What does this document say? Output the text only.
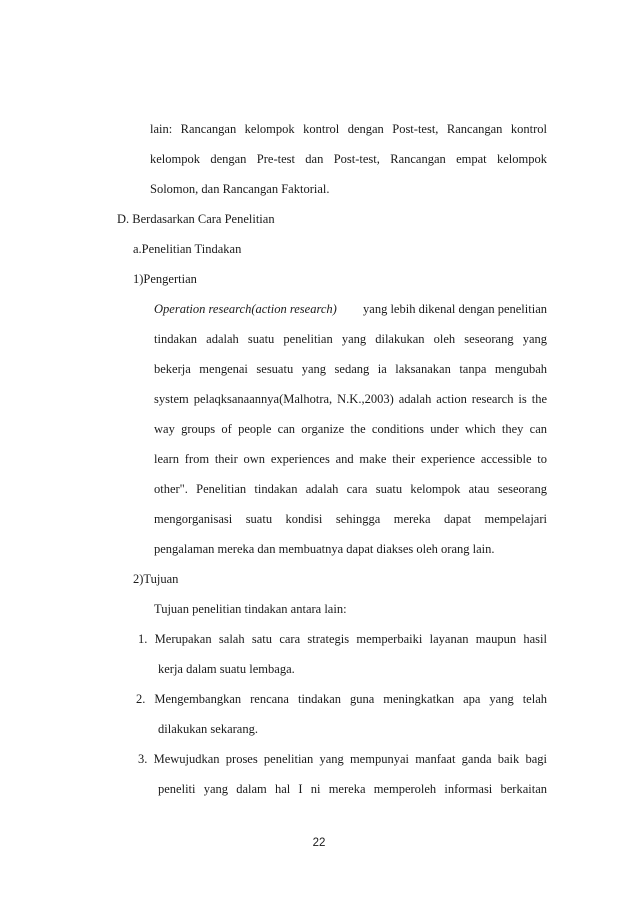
lain: Rancangan kelompok kontrol dengan Post-test, Rancangan kontrol
kelompok dengan Pre-test dan Post-test, Rancangan empat kelompok
Solomon, dan Rancangan Faktorial.
D. Berdasarkan Cara Penelitian
a.Penelitian Tindakan
1)Pengertian
Operation research(action research) yang lebih dikenal dengan penelitian
tindakan adalah suatu penelitian yang dilakukan oleh seseorang yang
bekerja mengenai sesuatu yang sedang ia laksanakan tanpa mengubah
system pelaqksanaannya(Malhotra, N.K.,2003) adalah action research is the
way groups of people can organize the conditions under which they can
learn from their own experiences and make their experience accessible to
other". Penelitian tindakan adalah cara suatu kelompok atau seseorang
mengorganisasi suatu kondisi sehingga mereka dapat mempelajari
pengalaman mereka dan membuatnya dapat diakses oleh orang lain.
2)Tujuan
Tujuan penelitian tindakan antara lain:
1. Merupakan salah satu cara strategis memperbaiki layanan maupun hasil
kerja dalam suatu lembaga.
2. Mengembangkan rencana tindakan guna meningkatkan apa yang telah
dilakukan sekarang.
3. Mewujudkan proses penelitian yang mempunyai manfaat ganda baik bagi
peneliti yang dalam hal I ni mereka memperoleh informasi berkaitan
22
